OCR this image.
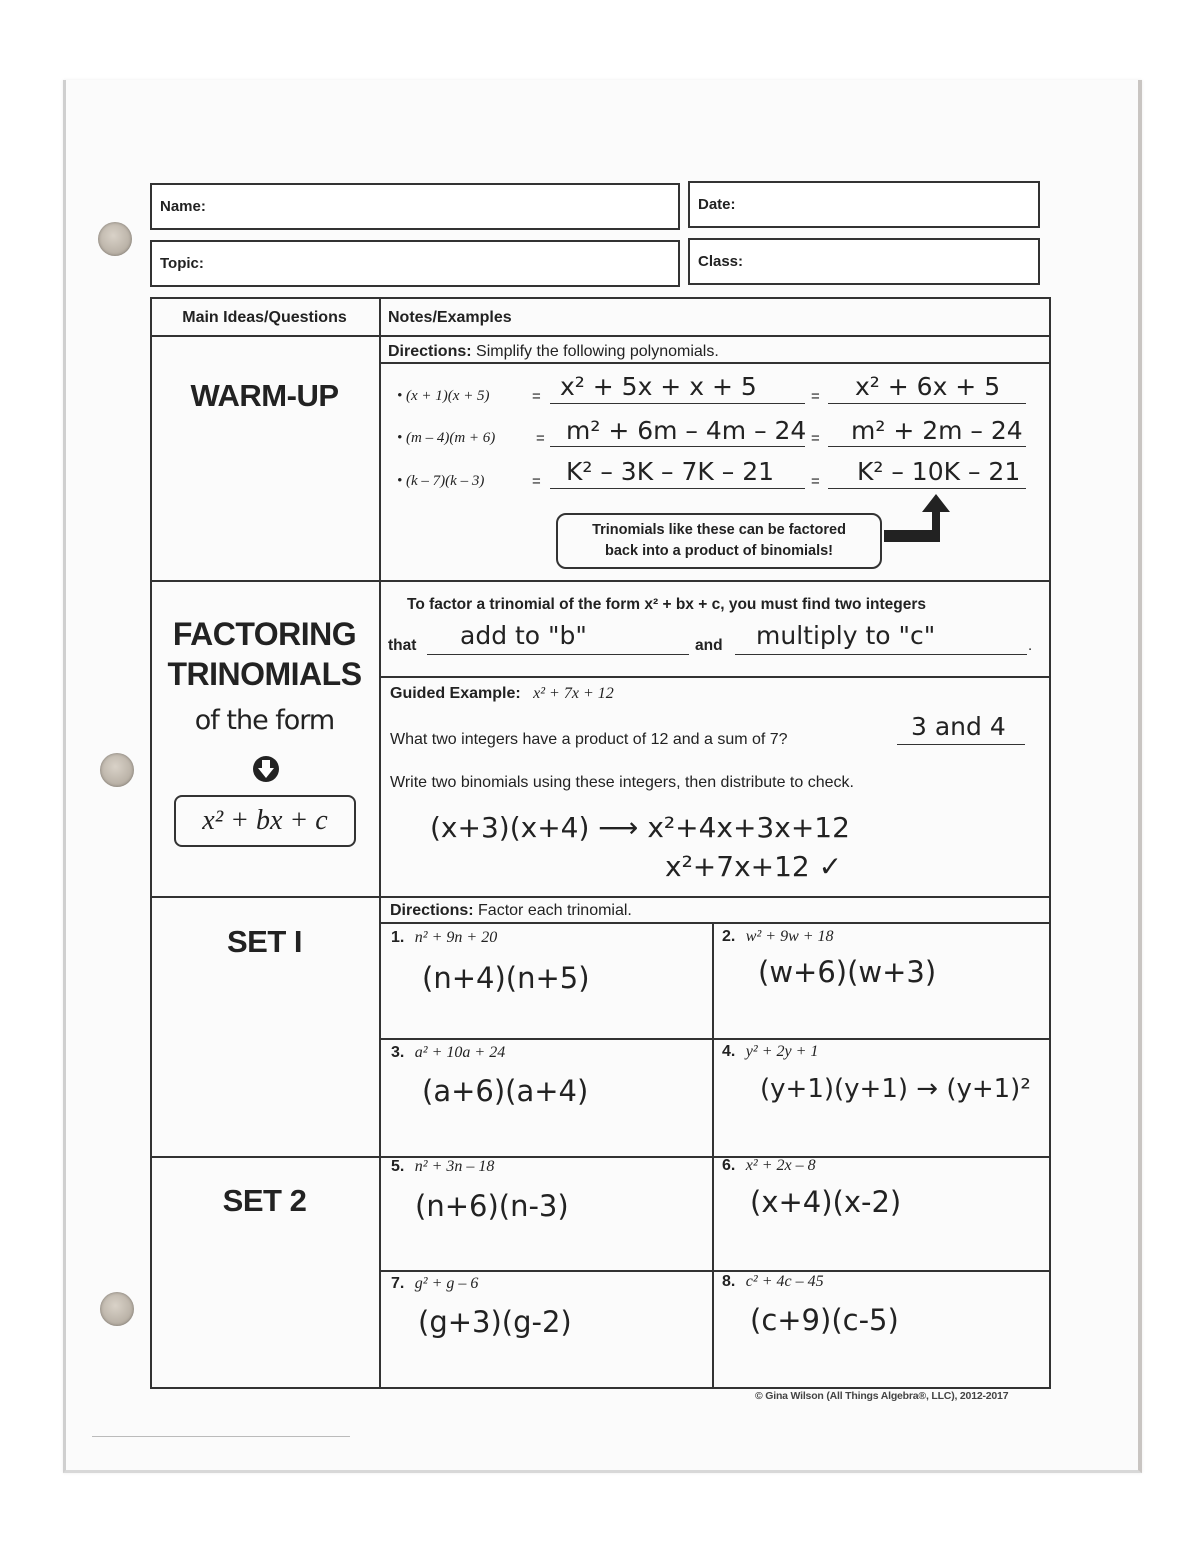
Name:	Date:
Topic:	Class:
Main Ideas/Questions	Notes/Examples
WARM-UP
Directions: Simplify the following polynomials.
• (x + 1)(x + 5)	= x² + 5x + x + 5	= x² + 6x + 5
• (m – 4)(m + 6)	= m² + 6m – 4m – 24 = m² + 2m – 24
• (k – 7)(k – 3)	= K² – 3K – 7K – 21 = K² – 10K – 21
Trinomials like these can be factored
back into a product of binomials!
FACTORING
TRINOMIALS
of the form
x² + bx + c
To factor a trinomial of the form x² + bx + c, you must find two integers
that add to "b"	and multiply to "c"	.
Guided Example: x² + 7x + 12
What two integers have a product of 12 and a sum of 7?	3 and 4
Write two binomials using these integers, then distribute to check.
(x+3)(x+4) ⟶ x²+4x+3x+12
x²+7x+12 ✓
SET I
Directions: Factor each trinomial.
1. n² + 9n + 20
(n+4)(n+5)
2. w² + 9w + 18
(w+6)(w+3)
3. a² + 10a + 24
(a+6)(a+4)
4. y² + 2y + 1
(y+1)(y+1) → (y+1)²
SET 2
5. n² + 3n – 18
(n+6)(n-3)
6. x² + 2x – 8
(x+4)(x-2)
7. g² + g – 6
(g+3)(g-2)
8. c² + 4c – 45
(c+9)(c-5)
© Gina Wilson (All Things Algebra®, LLC), 2012-2017
